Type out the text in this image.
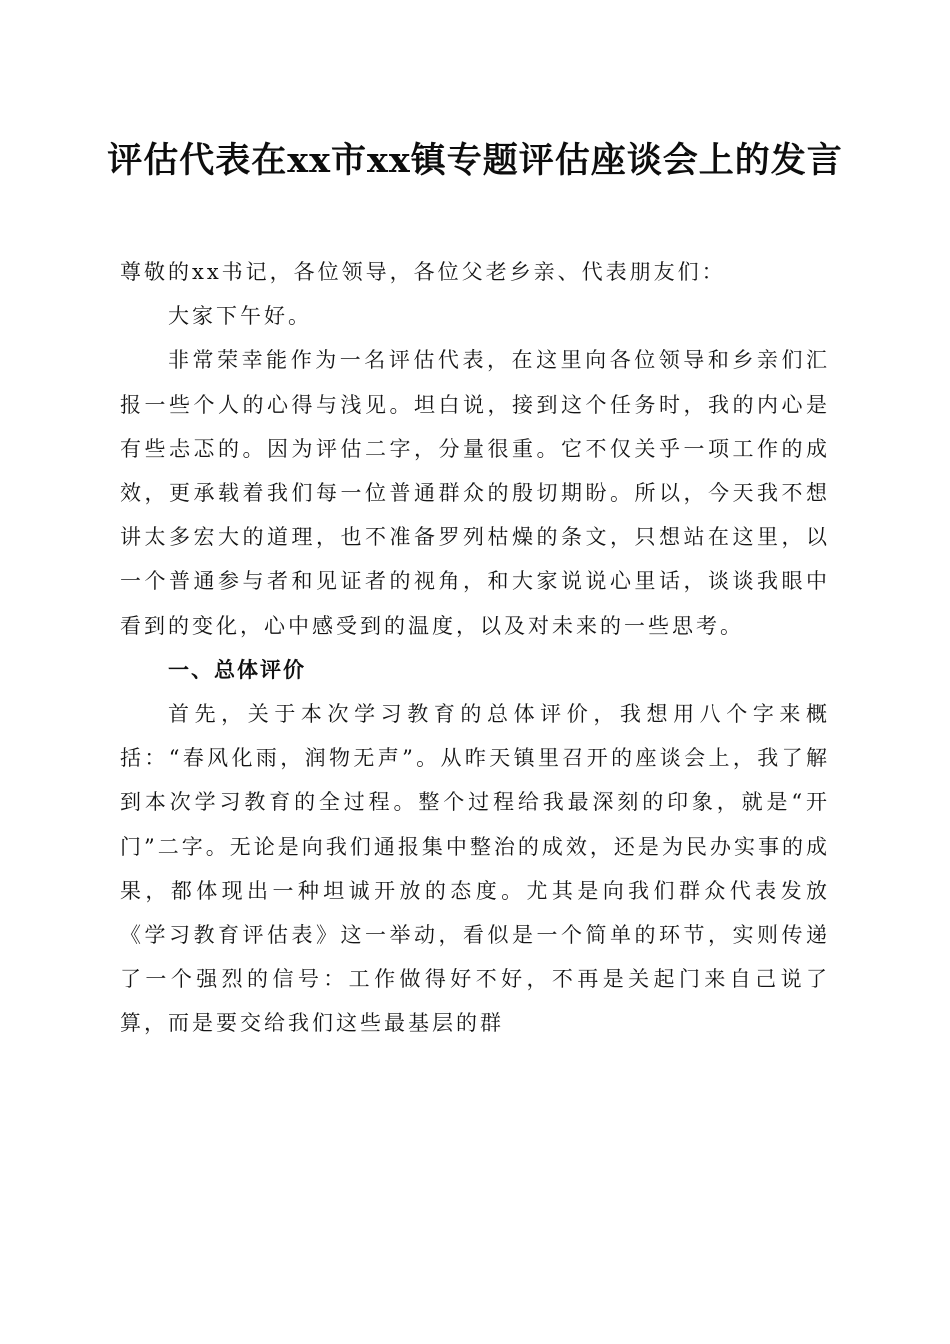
评估代表在xx市xx镇专题评估座谈会上的发言

尊敬的xx书记，各位领导，各位父老乡亲、代表朋友们：

大家下午好。

非常荣幸能作为一名评估代表，在这里向各位领导和乡亲们汇报一些个人的心得与浅见。坦白说，接到这个任务时，我的内心是有些忐忑的。因为评估二字，分量很重。它不仅关乎一项工作的成效，更承载着我们每一位普通群众的殷切期盼。所以，今天我不想讲太多宏大的道理，也不准备罗列枯燥的条文，只想站在这里，以一个普通参与者和见证者的视角，和大家说说心里话，谈谈我眼中看到的变化，心中感受到的温度，以及对未来的一些思考。

一、总体评价

首先，关于本次学习教育的总体评价，我想用八个字来概括：“春风化雨，润物无声”。从昨天镇里召开的座谈会上，我了解到本次学习教育的全过程。整个过程给我最深刻的印象，就是“开门”二字。无论是向我们通报集中整治的成效，还是为民办实事的成果，都体现出一种坦诚开放的态度。尤其是向我们群众代表发放《学习教育评估表》这一举动，看似是一个简单的环节，实则传递了一个强烈的信号：工作做得好不好，不再是关起门来自己说了算，而是要交给我们这些最基层的群
